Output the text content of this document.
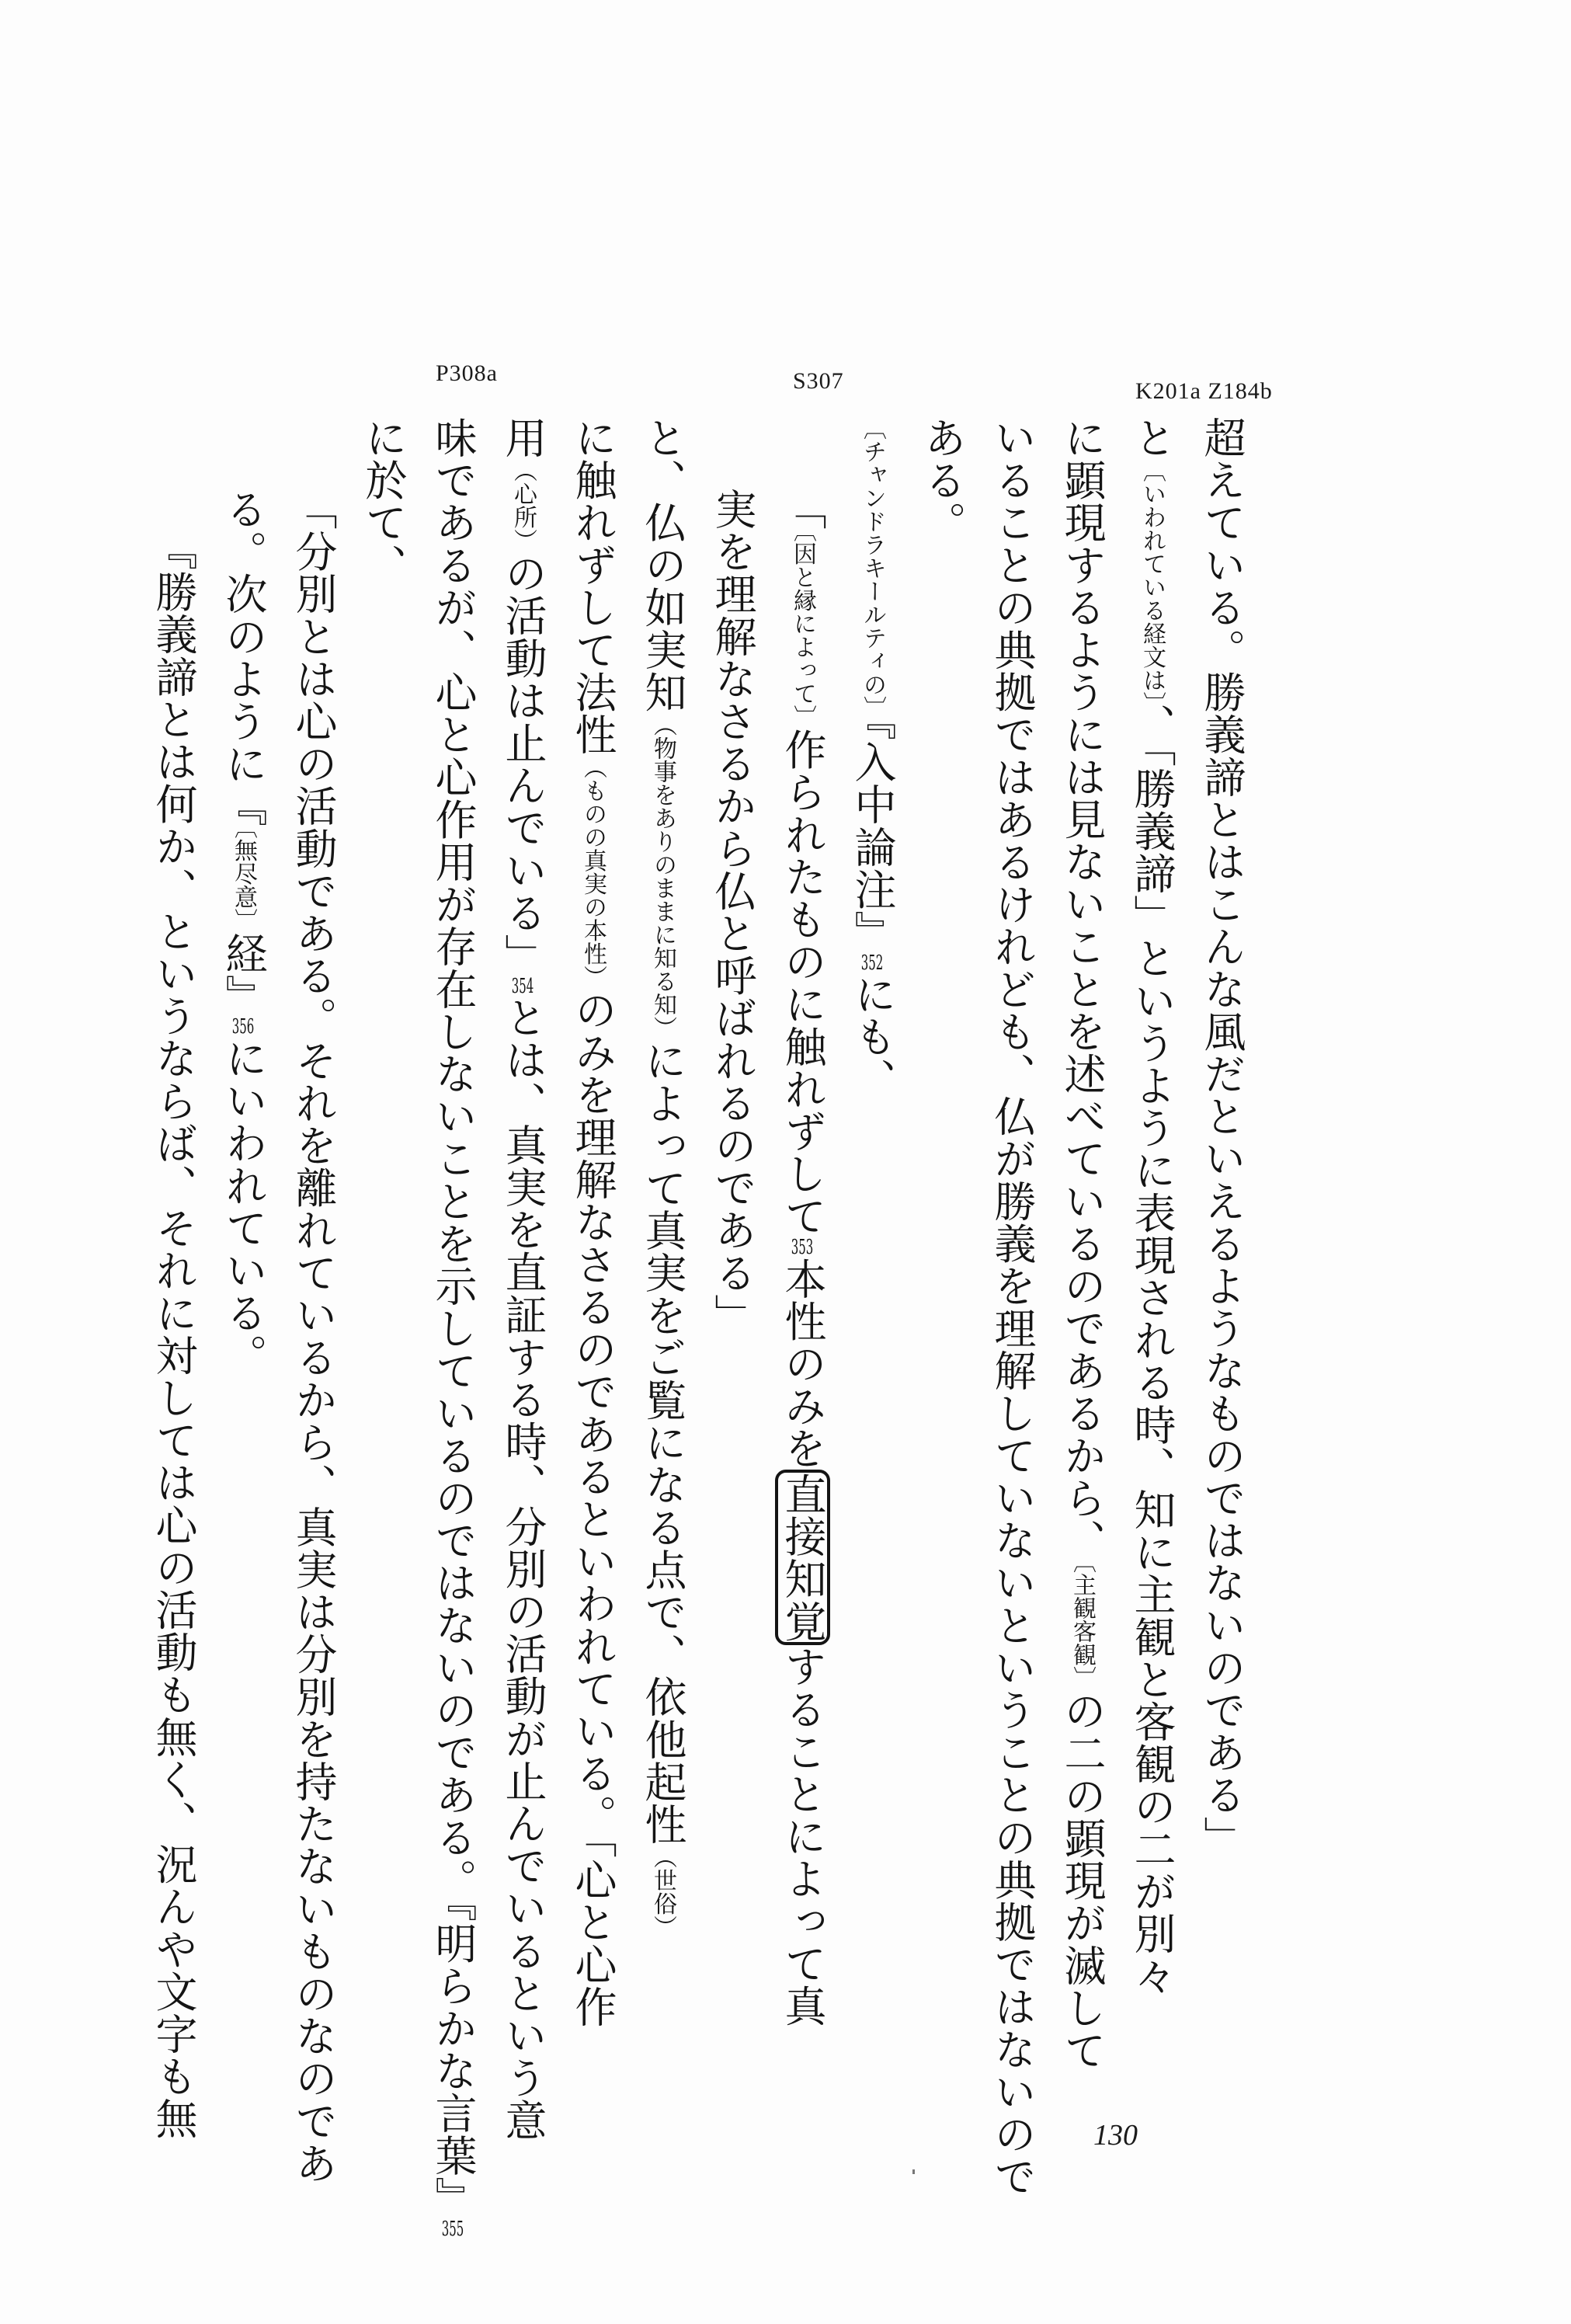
K201a Z184b
S307
P308a
超えている。勝義諦とはこんな風だといえるようなものではないのである」
と〔いわれている経文は〕、「勝義諦」というように表現される時、知に主観と客観の二が別々
に顕現するようには見ないことを述べているのであるから、〔主観客観〕の二の顕現が滅して
いることの典拠ではあるけれども、仏が勝義を理解していないということの典拠ではないので
ある。
〔チャンドラキールティの〕『入中論注』352にも、
「〔因と縁によって〕作られたものに触れずして353本性のみを直接知覚することによって真
実を理解なさるから仏と呼ばれるのである」
と、仏の如実知（物事をありのままに知る知）によって真実をご覧になる点で、依他起性（世俗）
に触れずして法性（ものの真実の本性）のみを理解なさるのであるといわれている。「心と心作
用（心所）の活動は止んでいる」354とは、真実を直証する時、分別の活動が止んでいるという意
味であるが、心と心作用が存在しないことを示しているのではないのである。『明らかな言葉』355
に於て、
「分別とは心の活動である。それを離れているから、真実は分別を持たないものなのであ
る。次のように『〔無尽意〕経』356にいわれている。
『勝義諦とは何か、というならば、それに対しては心の活動も無く、況んや文字も無	130
